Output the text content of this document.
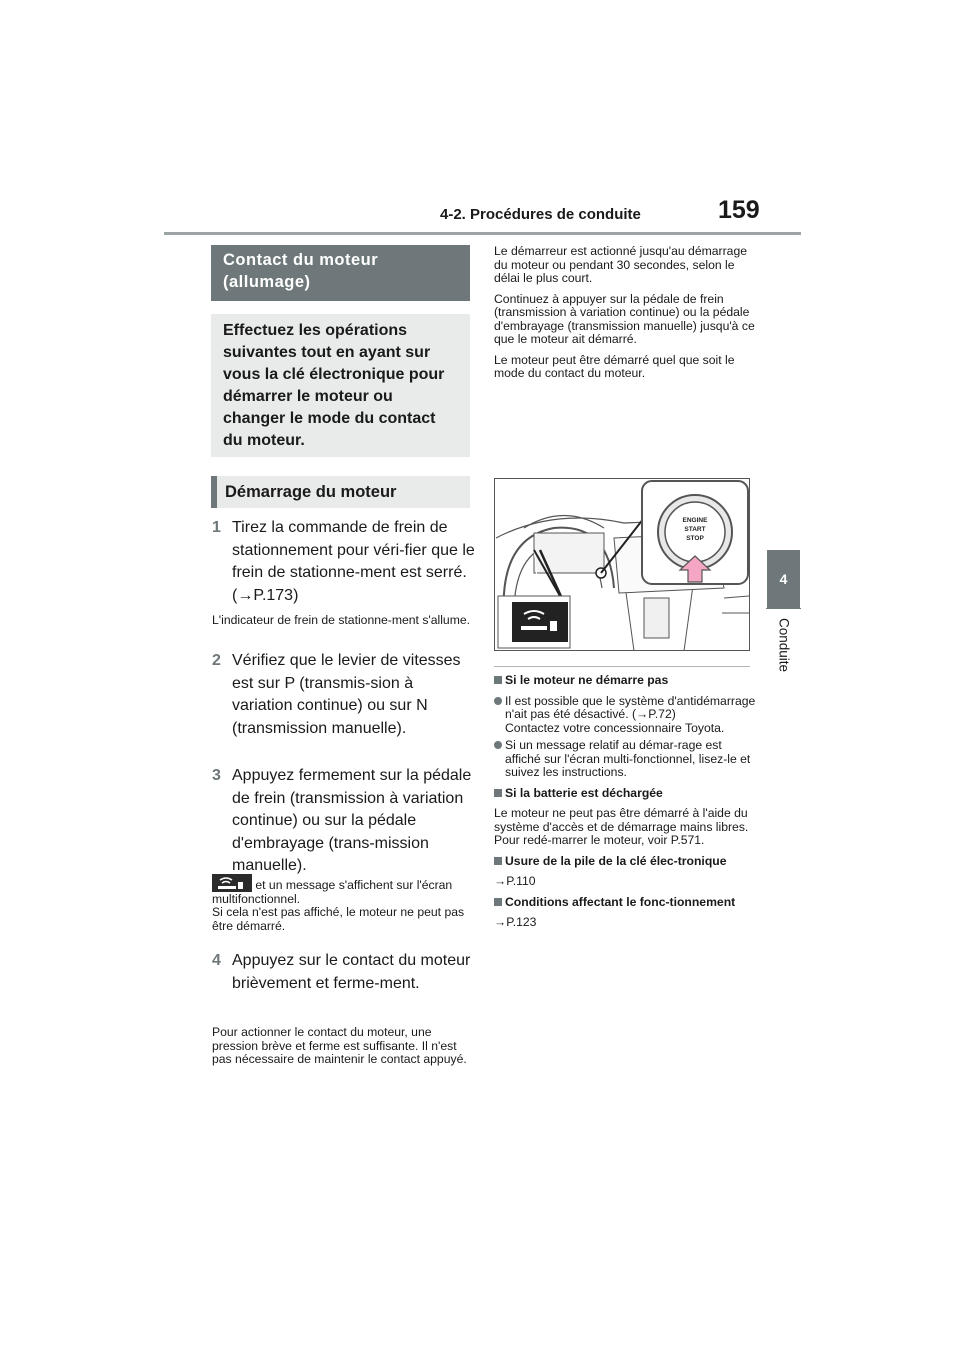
4-2. Procédures de conduite	159
4
Conduite
Contact du moteur (allumage)
Effectuez les opérations suivantes tout en ayant sur vous la clé électronique pour démarrer le moteur ou changer le mode du contact du moteur.
Démarrage du moteur
1 Tirez la commande de frein de stationnement pour véri-fier que le frein de stationne-ment est serré. (→P.173)
L'indicateur de frein de stationne-ment s'allume.
2 Vérifiez que le levier de vitesses est sur P (transmis-sion à variation continue) ou sur N (transmission manuelle).
3 Appuyez fermement sur la pédale de frein (transmission à variation continue) ou sur la pédale d'embrayage (trans-mission manuelle).
et un message s'affichent sur l'écran multifonctionnel.
Si cela n'est pas affiché, le moteur ne peut pas être démarré.
4 Appuyez sur le contact du moteur brièvement et ferme-ment.
Pour actionner le contact du moteur, une pression brève et ferme est suffisante. Il n'est pas nécessaire de maintenir le contact appuyé.

Le démarreur est actionné jusqu'au démarrage du moteur ou pendant 30 secondes, selon le délai le plus court.

Continuez à appuyer sur la pédale de frein (transmission à variation continue) ou la pédale d'embrayage (transmission manuelle) jusqu'à ce que le moteur ait démarré.

Le moteur peut être démarré quel que soit le mode du contact du moteur.

ENGINE
START
STOP

Si le moteur ne démarre pas

Il est possible que le système d'antidémarrage n'ait pas été désactivé. (→P.72)
Contactez votre concessionnaire Toyota.

Si un message relatif au démar-rage est affiché sur l'écran multi-fonctionnel, lisez-le et suivez les instructions.

Si la batterie est déchargée

Le moteur ne peut pas être démarré à l'aide du système d'accès et de démarrage mains libres. Pour redé-marrer le moteur, voir P.571.

Usure de la pile de la clé élec-tronique

→P.110

Conditions affectant le fonc-tionnement

→P.123
